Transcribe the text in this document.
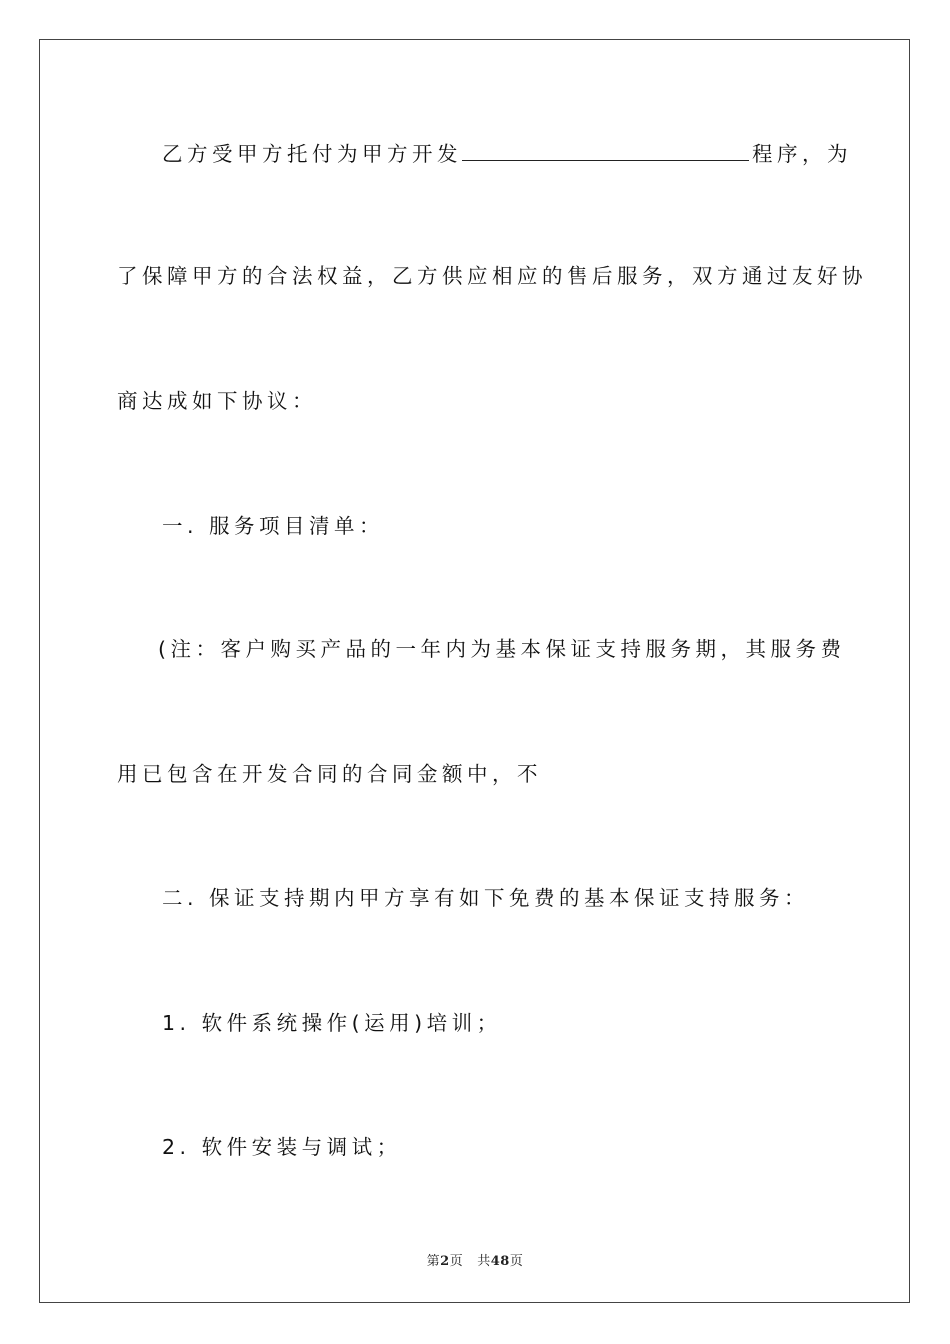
乙方受甲方托付为甲方开发	程序，为
了保障甲方的合法权益，乙方供应相应的售后服务，双方通过友好协
商达成如下协议：
一. 服务项目清单：
(注：客户购买产品的一年内为基本保证支持服务期，其服务费
用已包含在开发合同的合同金额中，不
二. 保证支持期内甲方享有如下免费的基本保证支持服务：
1. 软件系统操作(运用)培训；
2. 软件安装与调试；
第2页 共48页
